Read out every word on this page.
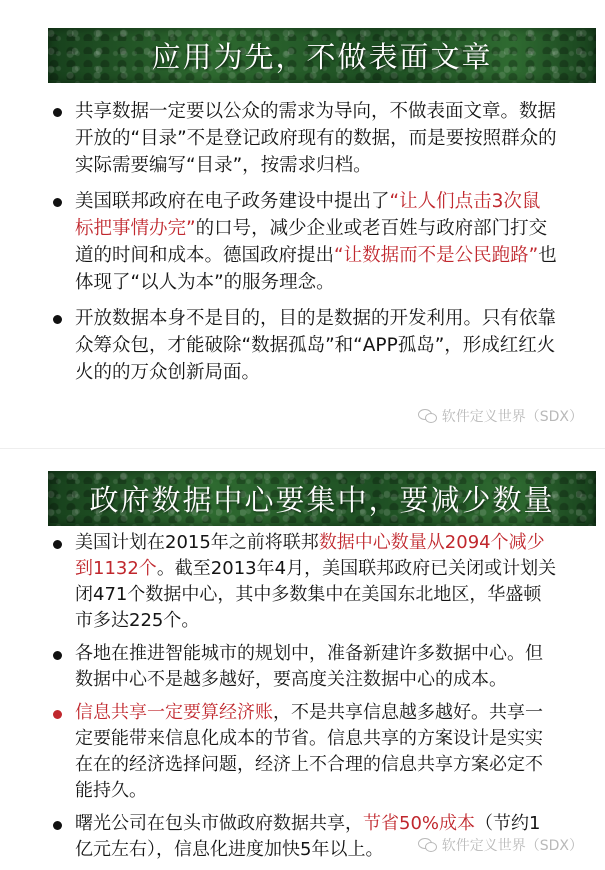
应用为先，不做表面文章
共享数据一定要以公众的需求为导向，不做表面文章。数据开放的“目录”不是登记政府现有的数据，而是要按照群众的实际需要编写“目录”，按需求归档。
美国联邦政府在电子政务建设中提出了“让人们点击3次鼠标把事情办完”的口号，减少企业或老百姓与政府部门打交道的时间和成本。德国政府提出“让数据而不是公民跑路”也体现了“以人为本”的服务理念。
开放数据本身不是目的，目的是数据的开发利用。只有依靠众筹众包，才能破除“数据孤岛”和“APP孤岛”，形成红红火火的的万众创新局面。
软件定义世界（SDX）
政府数据中心要集中，要减少数量
美国计划在2015年之前将联邦数据中心数量从2094个减少到1132个。截至2013年4月，美国联邦政府已关闭或计划关闭471个数据中心，其中多数集中在美国东北地区，华盛顿市多达225个。
各地在推进智能城市的规划中，准备新建许多数据中心。但数据中心不是越多越好，要高度关注数据中心的成本。
信息共享一定要算经济账，不是共享信息越多越好。共享一定要能带来信息化成本的节省。信息共享的方案设计是实实在在的经济选择问题，经济上不合理的信息共享方案必定不能持久。
曙光公司在包头市做政府数据共享，节省50%成本（节约1亿元左右），信息化进度加快5年以上。	软件定义世界（SDX）
